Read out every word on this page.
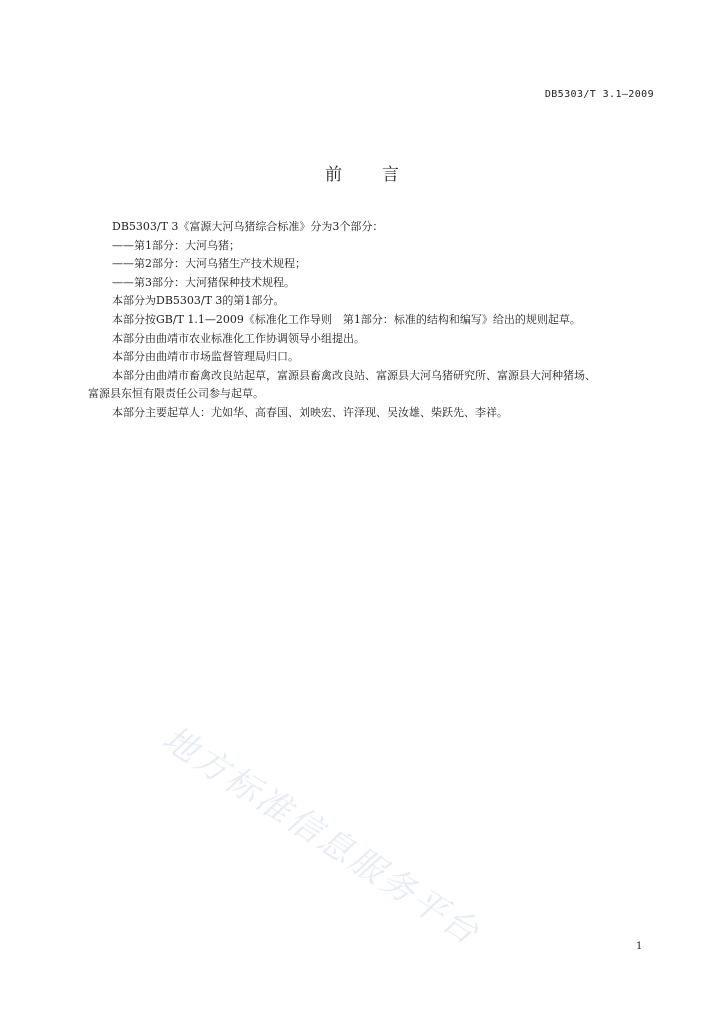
DB5303/T 3.1—2009
前 言

DB5303/T 3《富源大河乌猪综合标准》分为3个部分：

——第1部分：大河乌猪；

——第2部分：大河乌猪生产技术规程；

——第3部分：大河猪保种技术规程。

本部分为DB5303/T 3的第1部分。

本部分按GB/T 1.1—2009《标准化工作导则　第1部分：标准的结构和编写》给出的规则起草。

本部分由曲靖市农业标准化工作协调领导小组提出。

本部分由曲靖市市场监督管理局归口。

本部分由曲靖市畜禽改良站起草，富源县畜禽改良站、富源县大河乌猪研究所、富源县大河种猪场、

富源县东恒有限责任公司参与起草。

本部分主要起草人：尤如华、高春国、刘映宏、许泽现、吴汝雄、柴跃先、李祥。

地方标准信息服务平台	1
